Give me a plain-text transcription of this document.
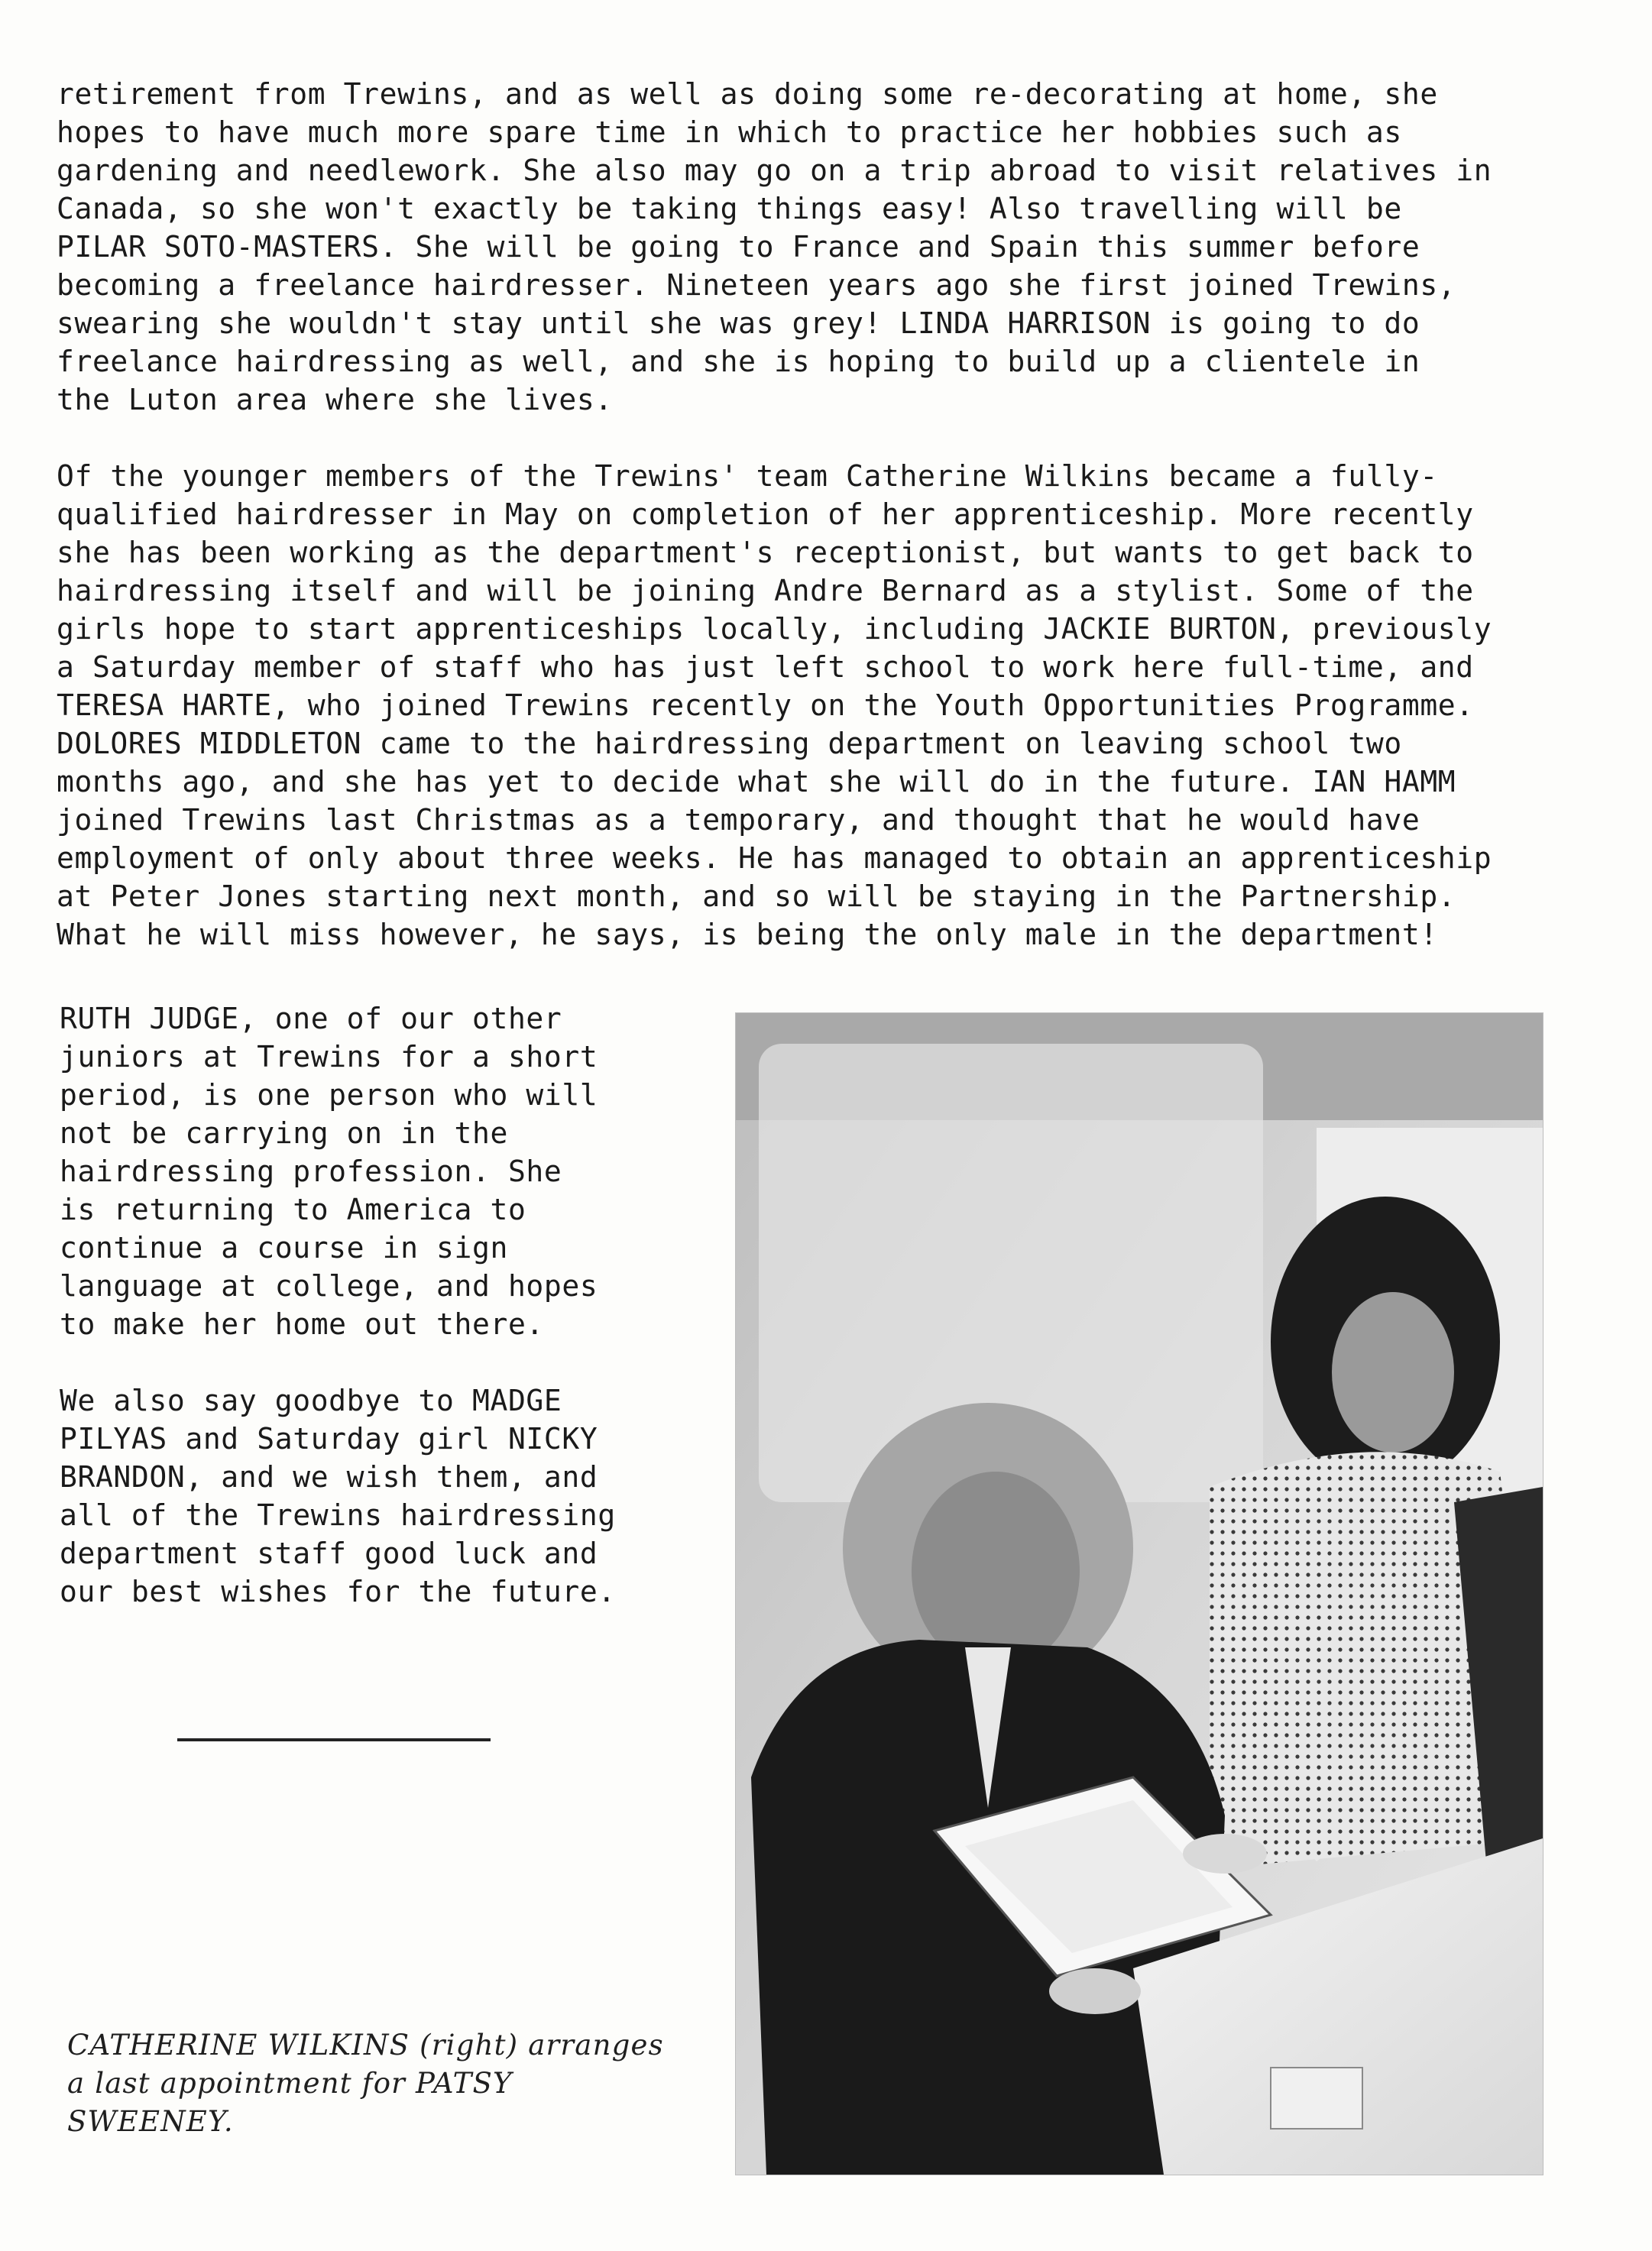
retirement from Trewins, and as well as doing some re-decorating at home, she
hopes to have much more spare time in which to practice her hobbies such as
gardening and needlework. She also may go on a trip abroad to visit relatives in
Canada, so she won't exactly be taking things easy! Also travelling will be
PILAR SOTO-MASTERS. She will be going to France and Spain this summer before
becoming a freelance hairdresser. Nineteen years ago she first joined Trewins,
swearing she wouldn't stay until she was grey! LINDA HARRISON is going to do
freelance hairdressing as well, and she is hoping to build up a clientele in
the Luton area where she lives.

Of the younger members of the Trewins' team Catherine Wilkins became a fully-
qualified hairdresser in May on completion of her apprenticeship. More recently
she has been working as the department's receptionist, but wants to get back to
hairdressing itself and will be joining Andre Bernard as a stylist. Some of the
girls hope to start apprenticeships locally, including JACKIE BURTON, previously
a Saturday member of staff who has just left school to work here full-time, and
TERESA HARTE, who joined Trewins recently on the Youth Opportunities Programme.
DOLORES MIDDLETON came to the hairdressing department on leaving school two
months ago, and she has yet to decide what she will do in the future. IAN HAMM
joined Trewins last Christmas as a temporary, and thought that he would have
employment of only about three weeks. He has managed to obtain an apprenticeship
at Peter Jones starting next month, and so will be staying in the Partnership.
What he will miss however, he says, is being the only male in the department!

RUTH JUDGE, one of our other
juniors at Trewins for a short
period, is one person who will
not be carrying on in the
hairdressing profession. She
is returning to America to
continue a course in sign
language at college, and hopes
to make her home out there.

We also say goodbye to MADGE
PILYAS and Saturday girl NICKY
BRANDON, and we wish them, and
all of the Trewins hairdressing
department staff good luck and
our best wishes for the future.

CATHERINE WILKINS (right) arranges
a last appointment for PATSY
SWEENEY.
